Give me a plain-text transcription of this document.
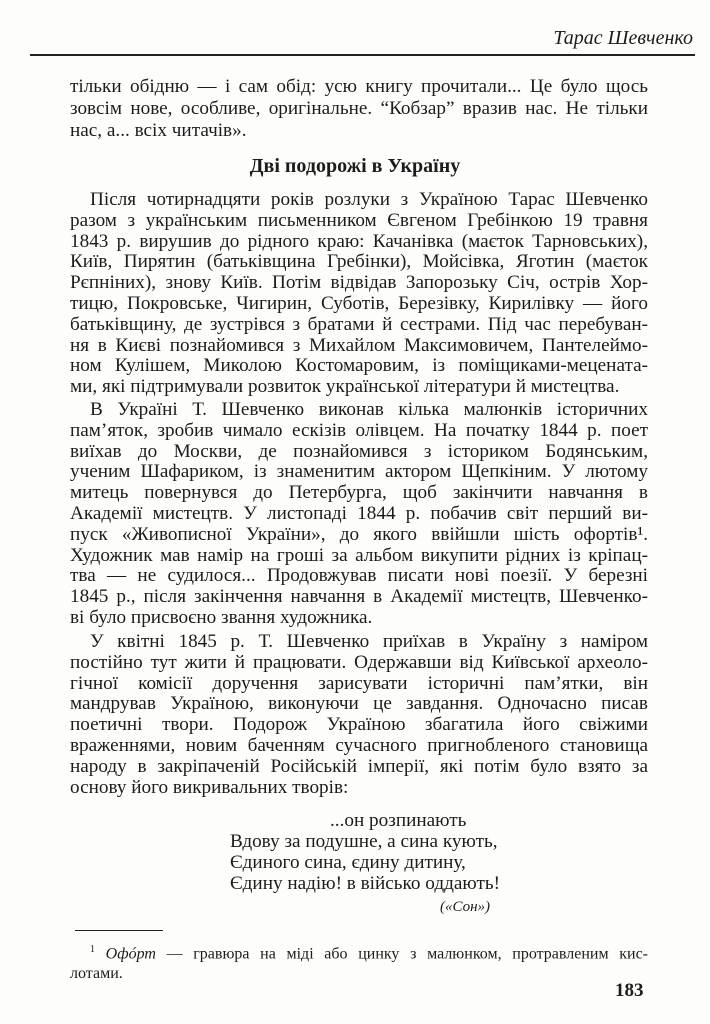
Тарас Шевченко
тільки обідню — і сам обід: усю книгу прочитали... Це було щось
зовсім нове, особливе, оригінальне. “Кобзар” вразив нас. Не тільки
нас, а... всіх читачів».
Дві подорожі в Україну
Після чотирнадцяти років розлуки з Україною Тарас Шевченко
разом з українським письменником Євгеном Гребінкою 19 травня
1843 р. вирушив до рідного краю: Качанівка (маєток Тарновських),
Київ, Пирятин (батьківщина Гребінки), Мойсівка, Яготин (маєток
Рєпніних), знову Київ. Потім відвідав Запорозьку Січ, острів Хор-
тицю, Покровське, Чигирин, Суботів, Березівку, Кирилівку — його
батьківщину, де зустрівся з братами й сестрами. Під час перебуван-
ня в Києві познайомився з Михайлом Максимовичем, Пантелеймо-
ном Кулішем, Миколою Костомаровим, із поміщиками-мецената-
ми, які підтримували розвиток української літератури й мистецтва.
В Україні Т. Шевченко виконав кілька малюнків історичних
пам’яток, зробив чимало ескізів олівцем. На початку 1844 р. поет
виїхав до Москви, де познайомився з істориком Бодянським,
ученим Шафариком, із знаменитим актором Щепкіним. У лютому
митець повернувся до Петербурга, щоб закінчити навчання в
Академії мистецтв. У листопаді 1844 р. побачив світ перший ви-
пуск «Живописної України», до якого ввійшли шість офортів¹.
Художник мав намір на гроші за альбом викупити рідних із кріпац-
тва — не судилося... Продовжував писати нові поезії. У березні
1845 р., після закінчення навчання в Академії мистецтв, Шевченко-
ві було присвоєно звання художника.
У квітні 1845 р. Т. Шевченко приїхав в Україну з наміром
постійно тут жити й працювати. Одержавши від Київської археоло-
гічної комісії доручення зарисувати історичні пам’ятки, він
мандрував Україною, виконуючи це завдання. Одночасно писав
поетичні твори. Подорож Україною збагатила його свіжими
враженнями, новим баченням сучасного пригнобленого становища
народу в закріпаченій Російській імперії, які потім було взято за
основу його викривальних творів:
...он розпинають
Вдову за подушне, а сина кують,
Єдиного сина, єдину дитину,
Єдину надію! в військо оддають!
(«Сон»)
$^1$ Офóрт — гравюра на міді або цинку з малюнком, протравленим кис-
лотами.
183
